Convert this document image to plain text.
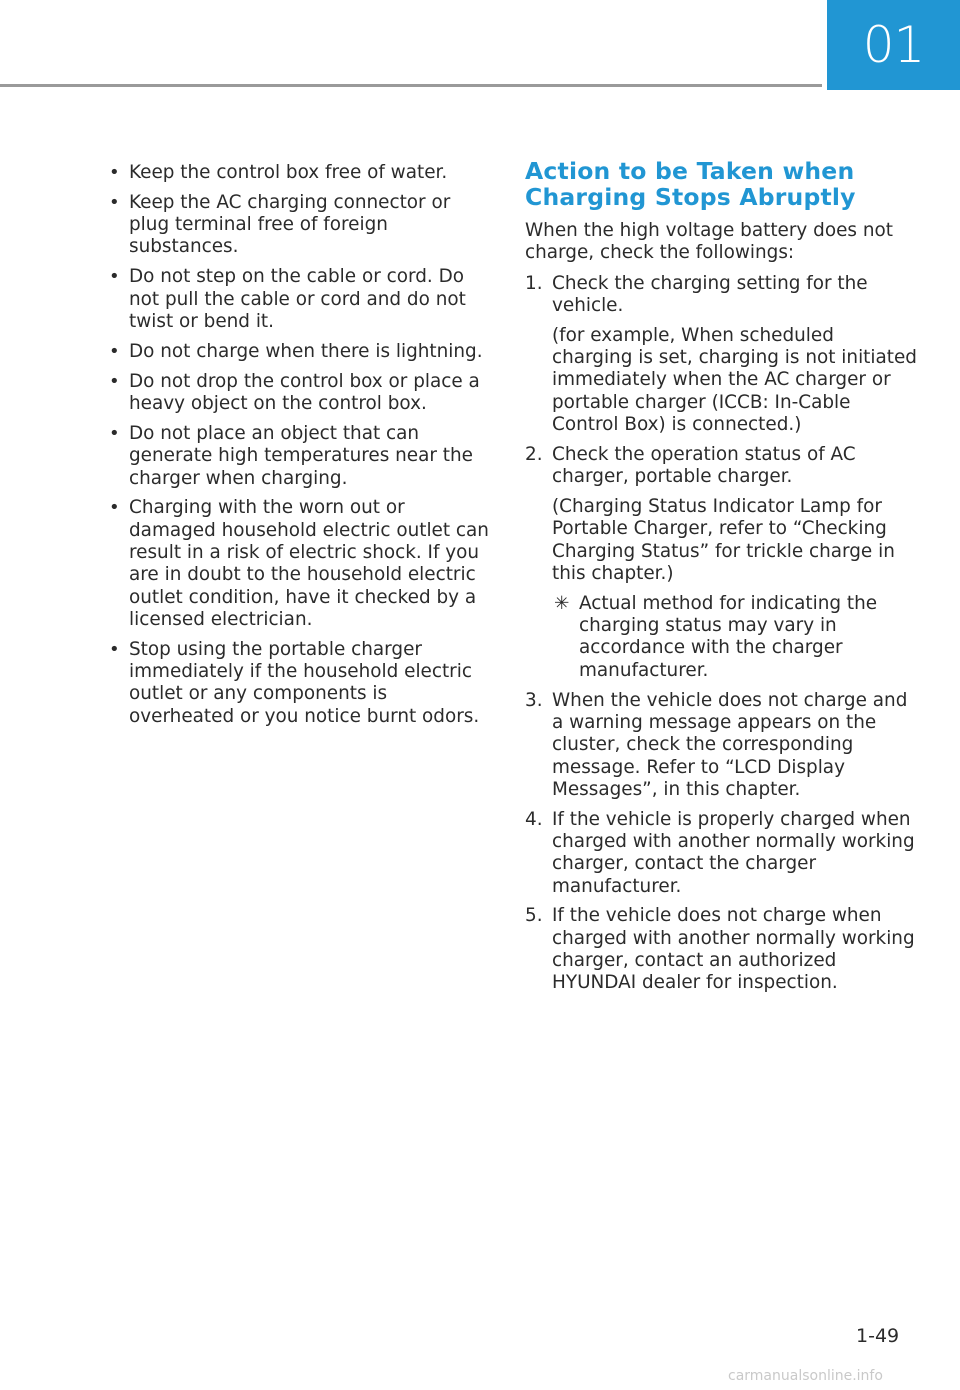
01
• Keep the control box free of water.
• Keep the AC charging connector or plug terminal free of foreign substances.
• Do not step on the cable or cord. Do not pull the cable or cord and do not twist or bend it.
• Do not charge when there is lightning.
• Do not drop the control box or place a heavy object on the control box.
• Do not place an object that can generate high temperatures near the charger when charging.
• Charging with the worn out or damaged household electric outlet can result in a risk of electric shock. If you are in doubt to the household electric outlet condition, have it checked by a licensed electrician.
• Stop using the portable charger immediately if the household electric outlet or any components is overheated or you notice burnt odors.
Action to be Taken when Charging Stops Abruptly

When the high voltage battery does not charge, check the followings:

1. Check the charging setting for the vehicle.

(for example, When scheduled charging is set, charging is not initiated immediately when the AC charger or portable charger (ICCB: In-Cable Control Box) is connected.)

2. Check the operation status of AC charger, portable charger.

(Charging Status Indicator Lamp for Portable Charger, refer to “Checking Charging Status” for trickle charge in this chapter.)

✳ Actual method for indicating the charging status may vary in accordance with the charger manufacturer.
3. When the vehicle does not charge and a warning message appears on the cluster, check the corresponding message. Refer to “LCD Display Messages”, in this chapter.

4. If the vehicle is properly charged when charged with another normally working charger, contact the charger manufacturer.

5. If the vehicle does not charge when charged with another normally working charger, contact an authorized HYUNDAI dealer for inspection.

1-49
carmanualsonline.info
